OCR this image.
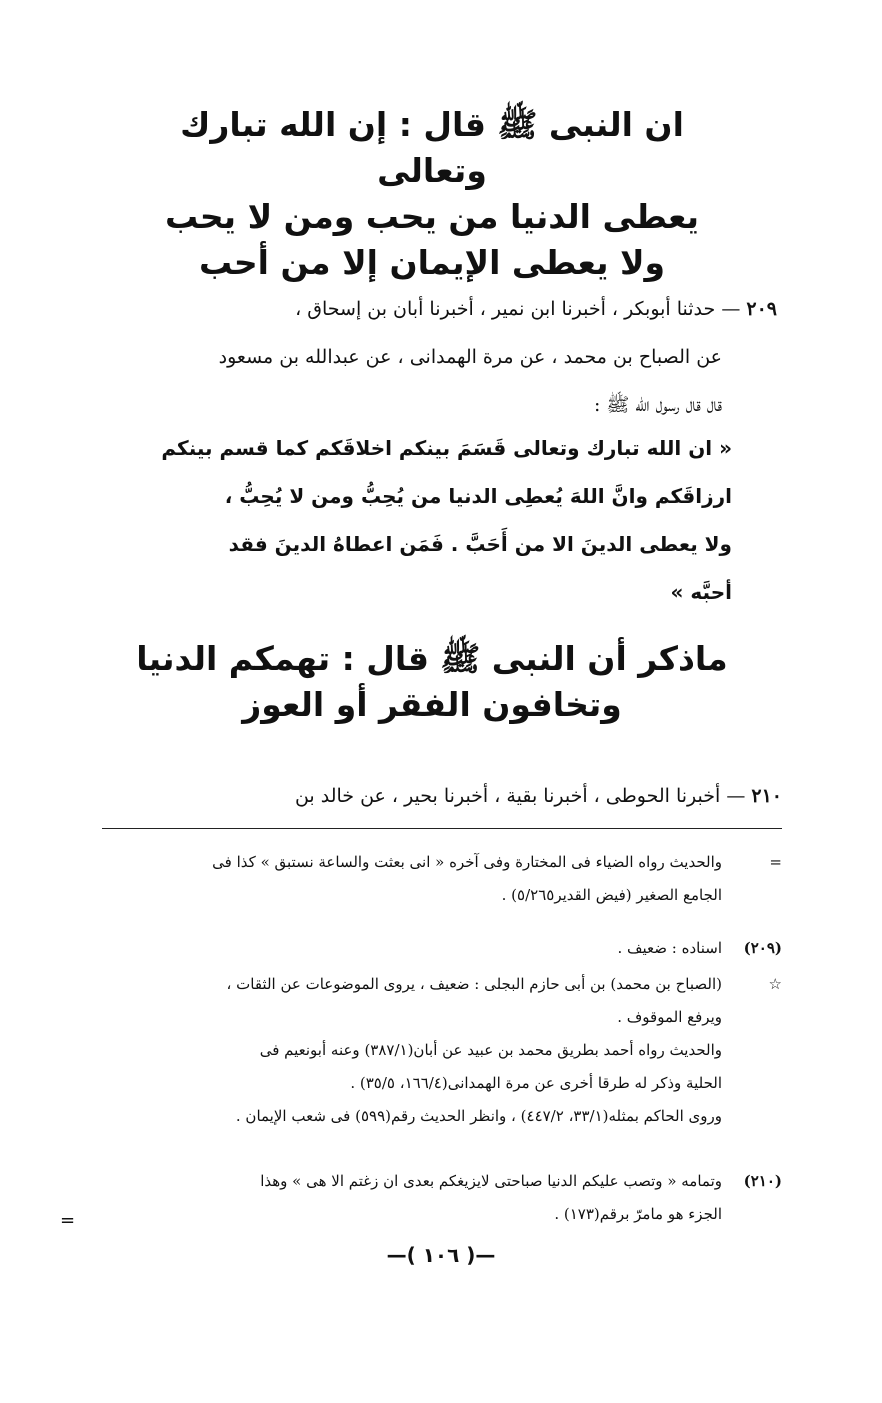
ان النبى ﷺ قال : إن الله تبارك وتعالى
يعطى الدنيا من يحب ومن لا يحب
ولا يعطى الإيمان إلا من أحب
٢٠٩ — حدثنا أبوبكر ، أخبرنا ابن نمير ، أخبرنا أبان بن إسحاق ،
عن الصباح بن محمد ، عن مرة الهمدانى ، عن عبدالله بن مسعود
قال قال رسول الله ﷺ :
« ان الله تبارك وتعالى قَسَمَ بينكم اخلاقَكم كما قسم بينكم
ارزاقَكم وانَّ اللهَ يُعطِى الدنيا من يُحِبُّ ومن لا يُحِبُّ ،
ولا يعطى الدينَ الا من أَحَبَّ . فَمَن اعطاهُ الدينَ فقد
أحبَّه »
ماذكر أن النبى ﷺ قال : تهمكم الدنيا
وتخافون الفقر أو العوز
٢١٠ — أخبرنا الحوطى ، أخبرنا بقية ، أخبرنا بحير ، عن خالد بن
=والحديث رواه الضياء فى المختارة وفى آخره « انى بعثت والساعة نستبق » كذا فى
الجامع الصغير (فيض القدير٥/٢٦٥) .
(٢٠٩)اسناده : ضعيف .
☆(الصباح بن محمد) بن أبى حازم البجلى : ضعيف ، يروى الموضوعات عن الثقات ،
ويرفع الموقوف .
والحديث رواه أحمد بطريق محمد بن عبيد عن أبان(٣٨٧/١) وعنه أبونعيم فى
الحلية وذكر له طرقا أخرى عن مرة الهمدانى(١٦٦/٤، ٣٥/٥) .
وروى الحاكم بمثله(٣٣/١، ٤٤٧/٢) ، وانظر الحديث رقم(٥٩٩) فى شعب الإيمان .
(٢١٠)وتمامه « وتصب عليكم الدنيا صباحتى لايزيغكم بعدى ان زغتم الا هى » وهذا
الجزء هو مامرّ برقم(١٧٣) .
=
—( ١٠٦ )—
